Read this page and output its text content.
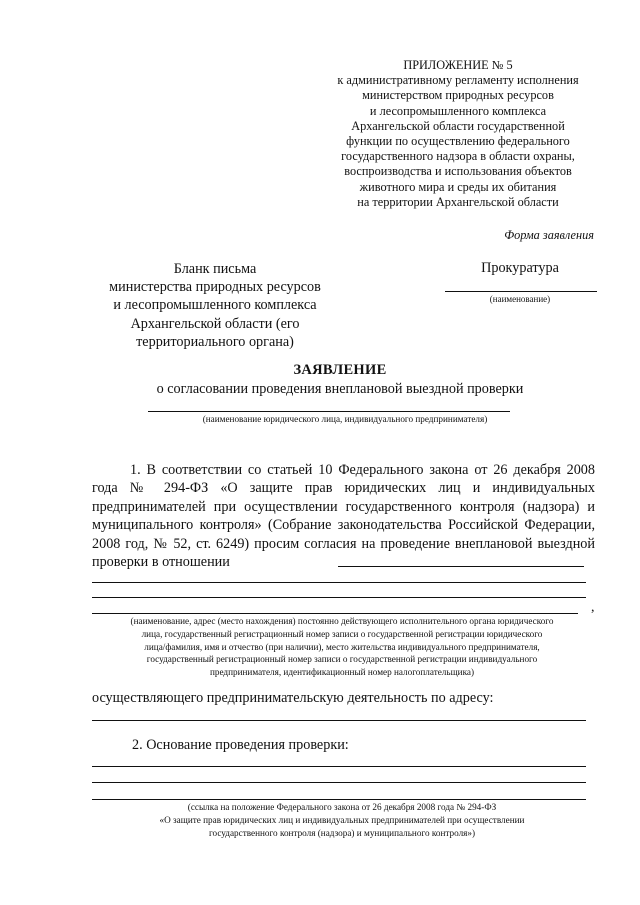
ПРИЛОЖЕНИЕ № 5
к административному регламенту исполнения
министерством природных ресурсов
и лесопромышленного комплекса
Архангельской области государственной
функции по осуществлению федерального
государственного надзора в области охраны,
воспроизводства и использования объектов
животного мира и среды их обитания
на территории Архангельской области
Форма заявления
Бланк письма
министерства природных ресурсов
и лесопромышленного комплекса
Архангельской области (его
территориального органа)
Прокуратура
(наименование)
ЗАЯВЛЕНИЕ
о согласовании проведения внеплановой выездной проверки
(наименование юридического лица, индивидуального предпринимателя)
1. В соответствии со статьей 10 Федерального закона от 26 декабря 2008 года № 294-ФЗ «О защите прав юридических лиц и индивидуальных предпринимателей при осуществлении государственного контроля (надзора) и муниципального контроля» (Собрание законодательства Российской Федерации, 2008 год, № 52, ст. 6249) просим согласия на проведение внеплановой выездной проверки в отношении
,
(наименование, адрес (место нахождения) постоянно действующего исполнительного органа юридического
лица, государственный регистрационный номер записи о государственной регистрации юридического
лица/фамилия, имя и отчество (при наличии), место жительства индивидуального предпринимателя,
государственный регистрационный номер записи о государственной регистрации индивидуального
предпринимателя, идентификационный номер налогоплательщика)
осуществляющего предпринимательскую деятельность по адресу:
2. Основание проведения проверки:
(ссылка на положение Федерального закона от 26 декабря 2008 года № 294-ФЗ
«О защите прав юридических лиц и индивидуальных предпринимателей при осуществлении
государственного контроля (надзора) и муниципального контроля»)
